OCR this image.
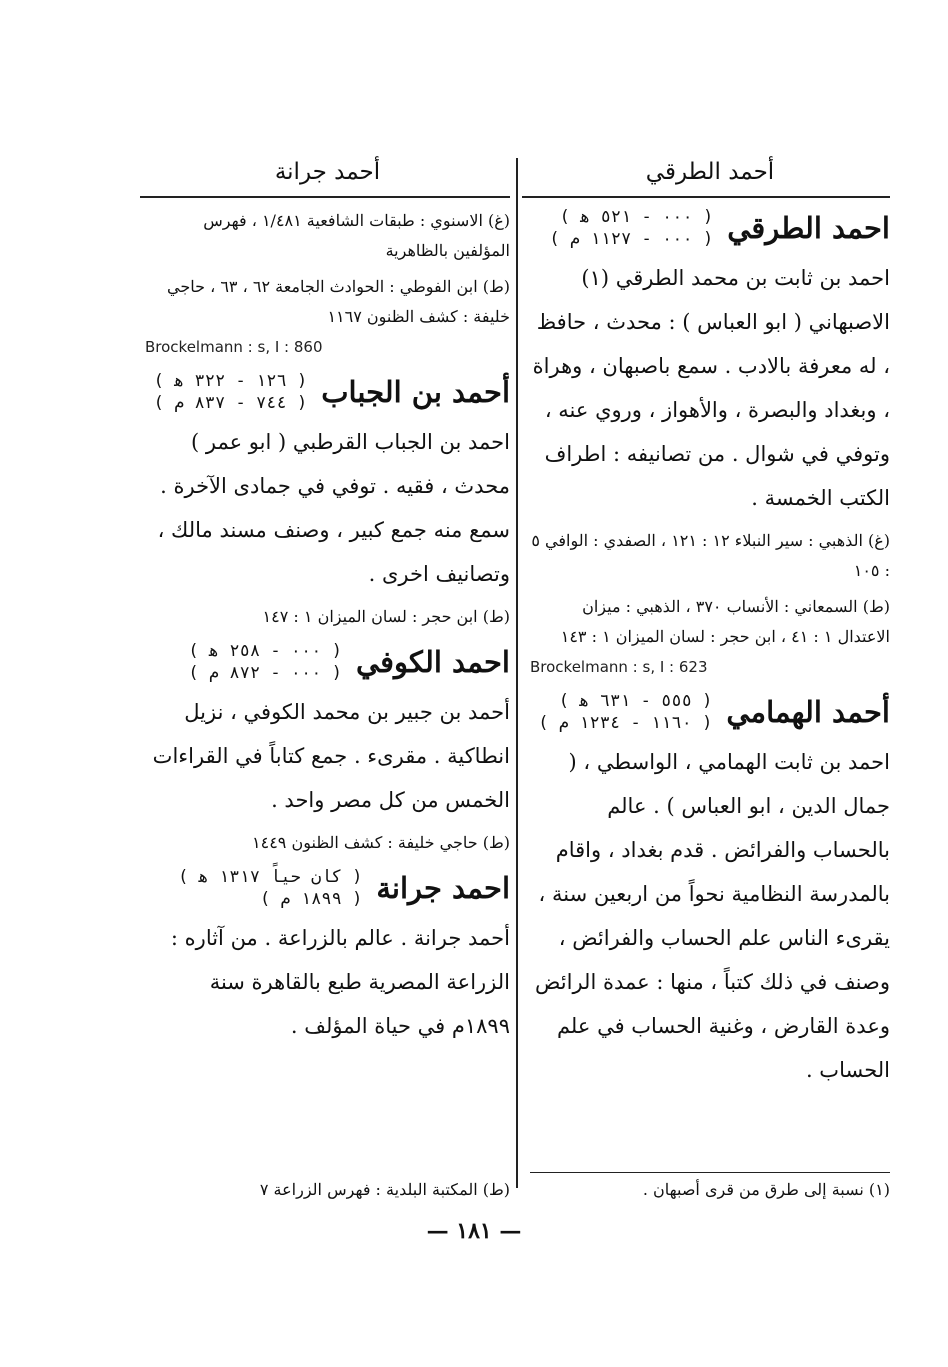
أحمد الطرقي
احمد الطرقي
( ٠٠٠ - ٥٢١ ﻫ )
( ٠٠٠ - ١١٢٧ م )

احمد بن ثابت بن محمد الطرقي (١) الاصبهاني ( ابو العباس ) : محدث ، حافظ ، له معرفة بالادب . سمع باصبهان ، وهراة ، وبغداد والبصرة ، والأهواز ، وروي عنه ، وتوفي في شوال . من تصانيفه : اطراف الكتب الخمسة .

(غ) الذهبي : سير النبلاء ١٢ : ١٢١ ، الصفدي : الوافي ٥ : ١٠٥

(ط) السمعاني : الأنساب ٣٧٠ ، الذهبي : ميزان الاعتدال ١ : ٤١ ، ابن حجر : لسان الميزان ١ : ١٤٣

Brockelmann : s, I : 623
أحمد الهمامي
( ٥٥٥ - ٦٣١ ﻫ )
( ١١٦٠ - ١٢٣٤ م )

احمد بن ثابت الهمامي ، الواسطي ، ( جمال الدين ، ابو العباس ) . عالم بالحساب والفرائض . قدم بغداد ، واقام بالمدرسة النظامية نحواً من اربعين سنة ، يقرىء الناس علم الحساب والفرائض ، وصنف في ذلك كتباً ، منها : عمدة الرائض وعدة القارض ، وغنية الحساب في علم الحساب .

(١) نسبة إلى طرق من قرى أصبهان .
أحمد جرانة

(غ) الاسنوي : طبقات الشافعية ١/٤٨١ ، فهرس المؤلفين بالظاهرية

(ط) ابن الفوطي : الحوادث الجامعة ٦٢ ، ٦٣ ، حاجي خليفة : كشف الظنون ١١٦٧

Brockelmann : s, I : 860
أحمد بن الجباب
( ١٢٦ - ٣٢٢ ﻫ )
( ٧٤٤ - ٨٣٧ م )

احمد بن الجباب القرطبي ( ابو عمر ) محدث ، فقيه . توفي في جمادى الآخرة . سمع منه جمع كبير ، وصنف مسند مالك ، وتصانيف اخرى .

(ط) ابن حجر : لسان الميزان ١ : ١٤٧

احمد الكوفي
( ٠٠٠ - ٢٥٨ ﻫ )
( ٠٠٠ - ٨٧٢ م )

أحمد بن جبير بن محمد الكوفي ، نزيل انطاكية . مقرىء . جمع كتاباً في القراءات الخمس من كل مصر واحد .

(ط) حاجي خليفة : كشف الظنون ١٤٤٩

احمد جرانة
( كان حياً ١٣١٧ ﻫ )
( ١٨٩٩ م )

أحمد جرانة . عالم بالزراعة . من آثاره : الزراعة المصرية طبع بالقاهرة سنة ١٨٩٩م في حياة المؤلف .

(ط) المكتبة البلدية : فهرس الزراعة ٧
— ١٨١ —
